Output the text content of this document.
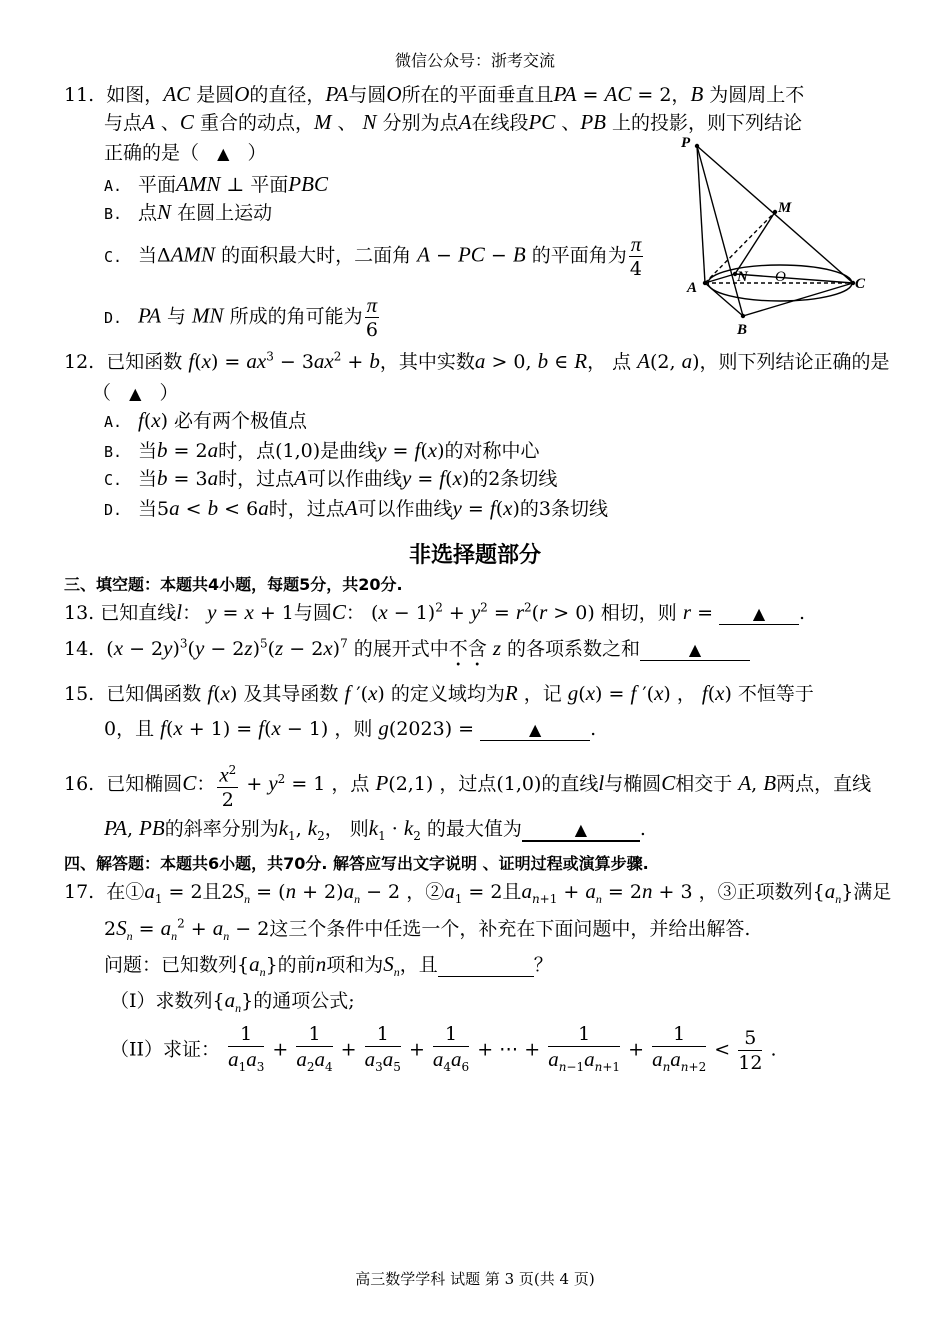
微信公众号：浙考交流
11.  如图，AC 是圆O的直径，PA与圆O所在的平面垂直且PA = AC = 2，B 为圆周上不
与点A 、C 重合的动点，M 、 N 分别为点A在线段PC 、PB 上的投影，则下列结论
正确的是（   ▲   ）
A. 平面AMN ⊥ 平面PBC
B. 点N 在圆上运动
C. 当ΔAMN 的面积最大时，二面角 A − PC − B 的平面角为 $\frac{\pi}{4}$
D. PA 与 MN 所成的角可能为 $\frac{\pi}{6}$
P
M
A
N O	C
B
12.  已知函数 $f(x) = ax^3 - 3ax^2 + b$，其中实数a > 0, b ∈ R， 点 A(2, a)，则下列结论正确的是
（   ▲   ）
A. f(x) 必有两个极值点
B. 当b = 2a时，点(1,0)是曲线y = f(x)的对称中心
C. 当b = 3a时，过点A可以作曲线y = f(x)的2条切线
D. 当5a < b < 6a时，过点A可以作曲线y = f(x)的3条切线
非选择题部分
三、填空题：本题共4小题，每题5分，共20分.
13. 已知直线l： y = x + 1与圆C： $(x - 1)^2 + y^2 = r^2(r > 0)$ 相切，则 r = ▲ .
14.  $(x - 2y)^3(y - 2z)^5(z - 2x)^7$ 的展开式中不含 z 的各项系数之和	▲
15.  已知偶函数 f(x) 及其导函数 f ′(x) 的定义域均为R ，记 g(x) = f ′(x) ， f(x) 不恒等于
0，且 f(x + 1) = f(x − 1) ，则 g(2023) =	▲	.
16.  已知椭圆C： $\frac{x^2}{2} + y^2 = 1$ ，点 P(2,1) ，过点(1,0)的直线l与椭圆C相交于 A, B两点，直线
PA, PB的斜率分别为$k_1$, $k_2$， 则$k_1 \cdot k_2$ 的最大值为	▲	.
四、解答题：本题共6小题，共70分. 解答应写出文字说明 、证明过程或演算步骤.
17.  在$①a_1 = 2$且$2S_n = (n + 2)a_n - 2$ ，$②a_1 = 2$且$a_{n+1} + a_n = 2n + 3$ ，③正项数列$\{a_n\}$满足
$2S_n = a_n^2 + a_n - 2$这三个条件中任选一个，补充在下面问题中，并给出解答.
问题：已知数列$\{a_n\}$的前n项和为$S_n$，且	？
（I）求数列$\{a_n\}$的通项公式;
（II）求证： $\frac{1}{a_1a_3} + \frac{1}{a_2a_4} + \frac{1}{a_3a_5} + \frac{1}{a_4a_6}$ + ⋯ + $\frac{1}{a_{n-1}a_{n+1}} + \frac{1}{a_na_{n+2}} < \frac{5}{12}$ .
高三数学学科 试题 第 3 页(共 4 页)
